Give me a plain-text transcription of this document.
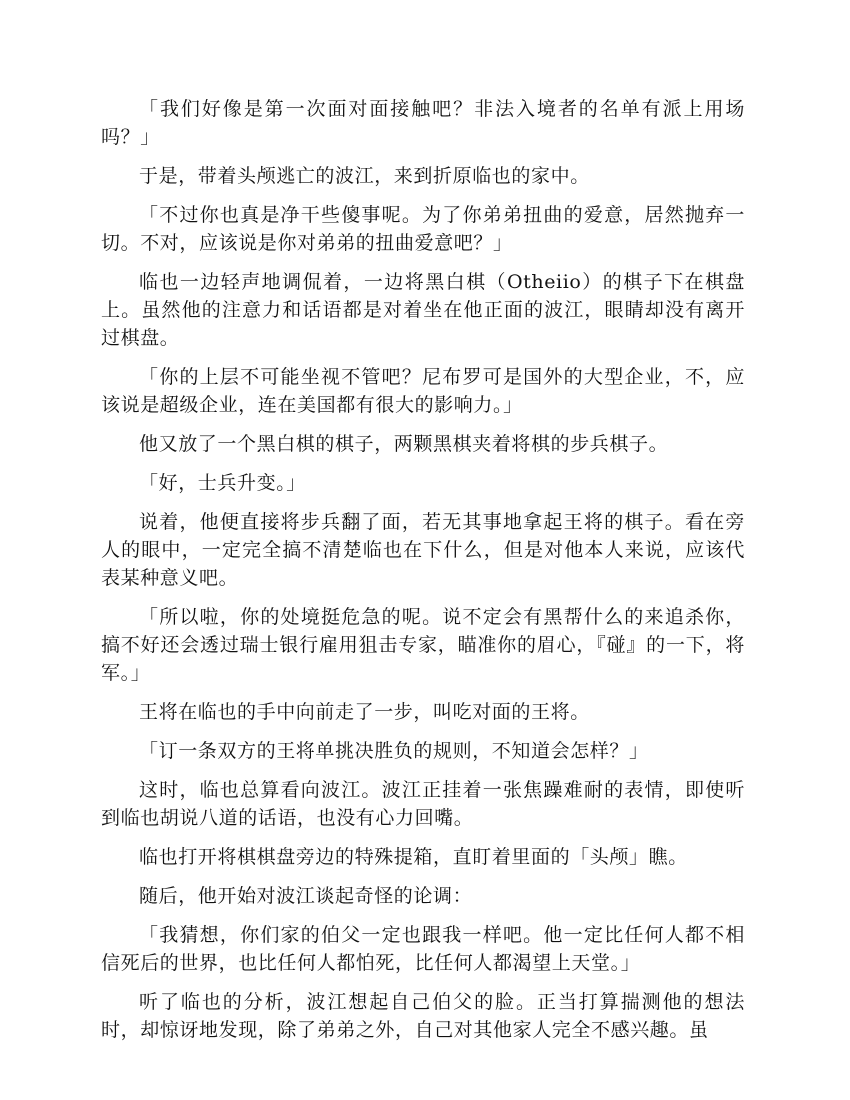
「我们好像是第一次面对面接触吧？非法入境者的名单有派上用场吗？」

于是，带着头颅逃亡的波江，来到折原临也的家中。

「不过你也真是净干些傻事呢。为了你弟弟扭曲的爱意，居然抛弃一切。不对，应该说是你对弟弟的扭曲爱意吧？」

临也一边轻声地调侃着，一边将黑白棋（Otheiio）的棋子下在棋盘上。虽然他的注意力和话语都是对着坐在他正面的波江，眼睛却没有离开过棋盘。

「你的上层不可能坐视不管吧？尼布罗可是国外的大型企业，不，应该说是超级企业，连在美国都有很大的影响力。」

他又放了一个黑白棋的棋子，两颗黑棋夹着将棋的步兵棋子。

「好，士兵升变。」

说着，他便直接将步兵翻了面，若无其事地拿起王将的棋子。看在旁人的眼中，一定完全搞不清楚临也在下什么，但是对他本人来说，应该代表某种意义吧。

「所以啦，你的处境挺危急的呢。说不定会有黑帮什么的来追杀你，搞不好还会透过瑞士银行雇用狙击专家，瞄准你的眉心，『碰』的一下，将军。」

王将在临也的手中向前走了一步，叫吃对面的王将。

「订一条双方的王将单挑决胜负的规则，不知道会怎样？」

这时，临也总算看向波江。波江正挂着一张焦躁难耐的表情，即使听到临也胡说八道的话语，也没有心力回嘴。

临也打开将棋棋盘旁边的特殊提箱，直盯着里面的「头颅」瞧。

随后，他开始对波江谈起奇怪的论调：

「我猜想，你们家的伯父一定也跟我一样吧。他一定比任何人都不相信死后的世界，也比任何人都怕死，比任何人都渴望上天堂。」

听了临也的分析，波江想起自己伯父的脸。正当打算揣测他的想法时，却惊讶地发现，除了弟弟之外，自己对其他家人完全不感兴趣。虽
